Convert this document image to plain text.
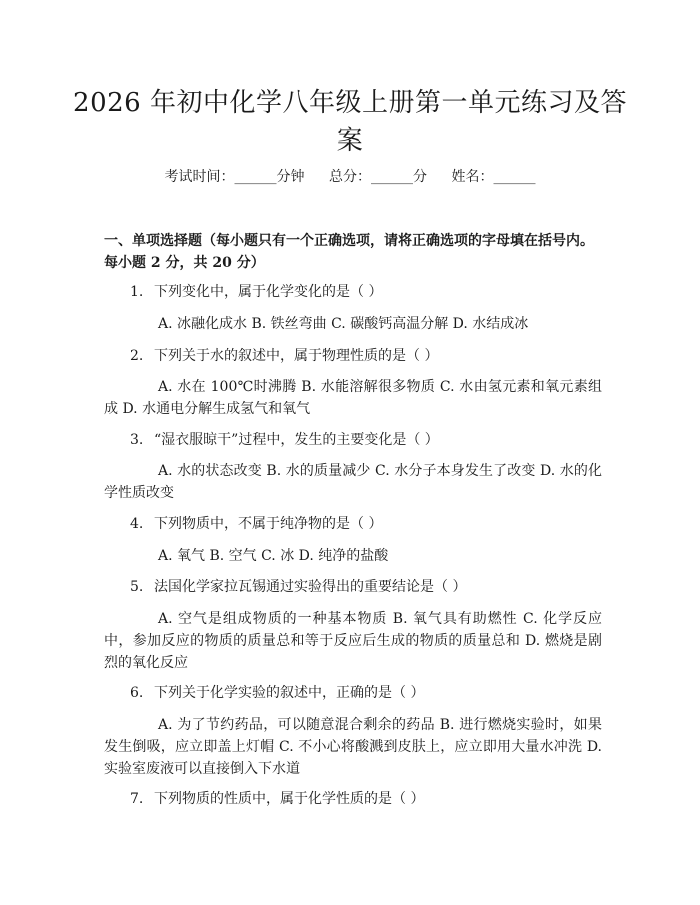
2026 年初中化学八年级上册第一单元练习及答案
考试时间：______分钟 总分：______分 姓名：______
一、单项选择题（每小题只有一个正确选项，请将正确选项的字母填在括号内。每小题 2 分，共 20 分）
1. 下列变化中，属于化学变化的是（ ）
A. 冰融化成水 B. 铁丝弯曲 C. 碳酸钙高温分解 D. 水结成冰
2. 下列关于水的叙述中，属于物理性质的是（ ）
A. 水在 100℃时沸腾 B. 水能溶解很多物质 C. 水由氢元素和氧元素组成 D. 水通电分解生成氢气和氧气
3. “湿衣服晾干”过程中，发生的主要变化是（ ）
A. 水的状态改变 B. 水的质量减少 C. 水分子本身发生了改变 D. 水的化学性质改变
4. 下列物质中，不属于纯净物的是（ ）
A. 氧气 B. 空气 C. 冰 D. 纯净的盐酸
5. 法国化学家拉瓦锡通过实验得出的重要结论是（ ）
A. 空气是组成物质的一种基本物质 B. 氧气具有助燃性 C. 化学反应中，参加反应的物质的质量总和等于反应后生成的物质的质量总和 D. 燃烧是剧烈的氧化反应
6. 下列关于化学实验的叙述中，正确的是（ ）
A. 为了节约药品，可以随意混合剩余的药品 B. 进行燃烧实验时，如果发生倒吸，应立即盖上灯帽 C. 不小心将酸溅到皮肤上，应立即用大量水冲洗 D. 实验室废液可以直接倒入下水道
7. 下列物质的性质中，属于化学性质的是（ ）
